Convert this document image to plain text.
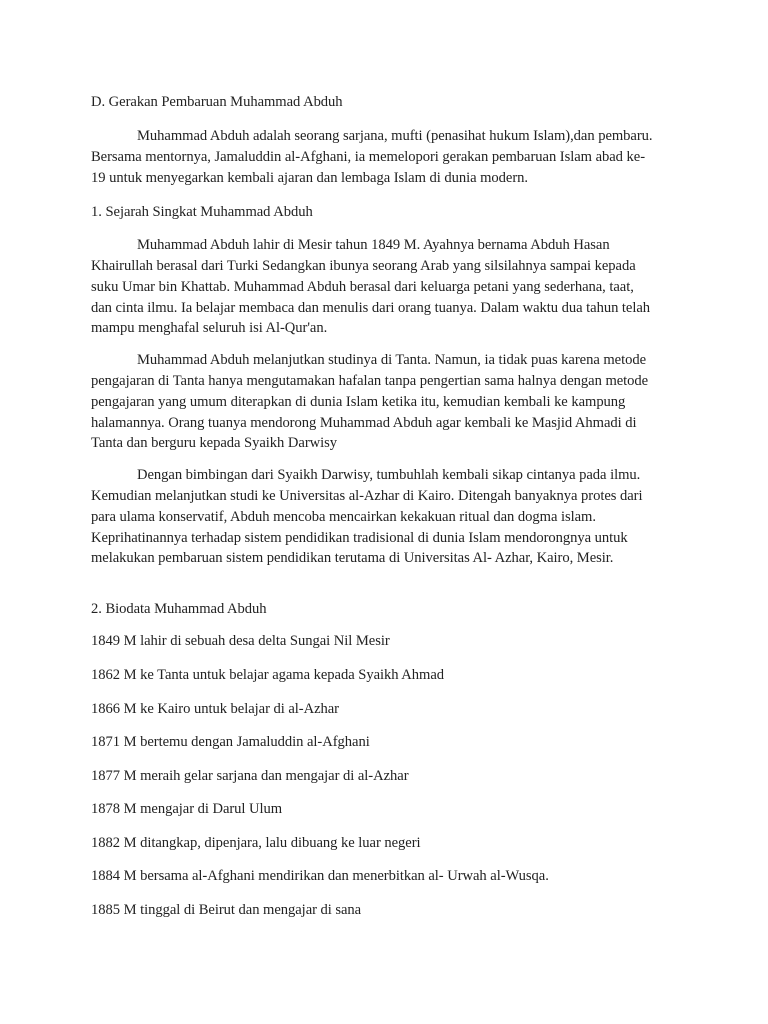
D. Gerakan Pembaruan Muhammad Abduh
Muhammad Abduh adalah seorang sarjana, mufti (penasihat hukum Islam),dan pembaru.
Bersama mentornya, Jamaluddin al-Afghani, ia memelopori gerakan pembaruan Islam abad ke-
19 untuk menyegarkan kembali ajaran dan lembaga Islam di dunia modern.
1. Sejarah Singkat Muhammad Abduh
Muhammad Abduh lahir di Mesir tahun 1849 M. Ayahnya bernama Abduh Hasan
Khairullah berasal dari Turki Sedangkan ibunya seorang Arab yang silsilahnya sampai kepada
suku Umar bin Khattab. Muhammad Abduh berasal dari keluarga petani yang sederhana, taat,
dan cinta ilmu. Ia belajar membaca dan menulis dari orang tuanya. Dalam waktu dua tahun telah
mampu menghafal seluruh isi Al-Qur'an.
Muhammad Abduh melanjutkan studinya di Tanta. Namun, ia tidak puas karena metode
pengajaran di Tanta hanya mengutamakan hafalan tanpa pengertian sama halnya dengan metode
pengajaran yang umum diterapkan di dunia Islam ketika itu, kemudian kembali ke kampung
halamannya. Orang tuanya mendorong Muhammad Abduh agar kembali ke Masjid Ahmadi di
Tanta dan berguru kepada Syaikh Darwisy
Dengan bimbingan dari Syaikh Darwisy, tumbuhlah kembali sikap cintanya pada ilmu.
Kemudian melanjutkan studi ke Universitas al-Azhar di Kairo. Ditengah banyaknya protes dari
para ulama konservatif, Abduh mencoba mencairkan kekakuan ritual dan dogma islam.
Keprihatinannya terhadap sistem pendidikan tradisional di dunia Islam mendorongnya untuk
melakukan pembaruan sistem pendidikan terutama di Universitas Al- Azhar, Kairo, Mesir.
2. Biodata Muhammad Abduh
1849 M lahir di sebuah desa delta Sungai Nil Mesir
1862 M ke Tanta untuk belajar agama kepada Syaikh Ahmad
1866 M ke Kairo untuk belajar di al-Azhar
1871 M bertemu dengan Jamaluddin al-Afghani
1877 M meraih gelar sarjana dan mengajar di al-Azhar
1878 M mengajar di Darul Ulum
1882 M ditangkap, dipenjara, lalu dibuang ke luar negeri
1884 M bersama al-Afghani mendirikan dan menerbitkan al- Urwah al-Wusqa.
1885 M tinggal di Beirut dan mengajar di sana
